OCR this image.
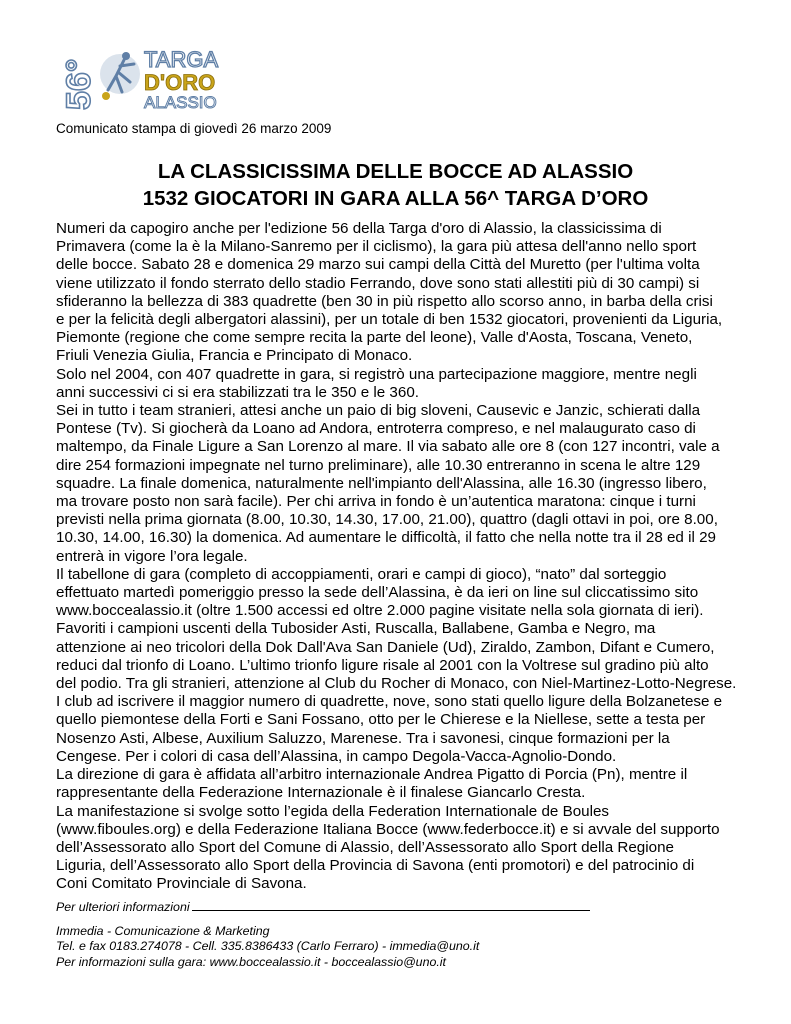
56° TARGA
D'ORO
ALASSIO
Comunicato stampa di giovedì 26 marzo 2009
LA CLASSICISSIMA DELLE BOCCE AD ALASSIO
1532 GIOCATORI IN GARA ALLA 56^ TARGA D’ORO
Numeri da capogiro anche per l'edizione 56 della Targa d'oro di Alassio, la classicissima di
Primavera (come la è la Milano-Sanremo per il ciclismo), la gara più attesa dell'anno nello sport
delle bocce. Sabato 28 e domenica 29 marzo sui campi della Città del Muretto (per l'ultima volta
viene utilizzato il fondo sterrato dello stadio Ferrando, dove sono stati allestiti più di 30 campi) si
sfideranno la bellezza di 383 quadrette (ben 30 in più rispetto allo scorso anno, in barba della crisi
e per la felicità degli albergatori alassini), per un totale di ben 1532 giocatori, provenienti da Liguria,
Piemonte (regione che come sempre recita la parte del leone), Valle d'Aosta, Toscana, Veneto,
Friuli Venezia Giulia, Francia e Principato di Monaco.
Solo nel 2004, con 407 quadrette in gara, si registrò una partecipazione maggiore, mentre negli
anni successivi ci si era stabilizzati tra le 350 e le 360.
Sei in tutto i team stranieri, attesi anche un paio di big sloveni, Causevic e Janzic, schierati dalla
Pontese (Tv). Si giocherà da Loano ad Andora, entroterra compreso, e nel malaugurato caso di
maltempo, da Finale Ligure a San Lorenzo al mare. Il via sabato alle ore 8 (con 127 incontri, vale a
dire 254 formazioni impegnate nel turno preliminare), alle 10.30 entreranno in scena le altre 129
squadre. La finale domenica, naturalmente nell'impianto dell'Alassina, alle 16.30 (ingresso libero,
ma trovare posto non sarà facile). Per chi arriva in fondo è un’autentica maratona: cinque i turni
previsti nella prima giornata (8.00, 10.30, 14.30, 17.00, 21.00), quattro (dagli ottavi in poi, ore 8.00,
10.30, 14.00, 16.30) la domenica. Ad aumentare le difficoltà, il fatto che nella notte tra il 28 ed il 29
entrerà in vigore l’ora legale.
Il tabellone di gara (completo di accoppiamenti, orari e campi di gioco), “nato” dal sorteggio
effettuato martedì pomeriggio presso la sede dell’Alassina, è da ieri on line sul cliccatissimo sito
www.boccealassio.it (oltre 1.500 accessi ed oltre 2.000 pagine visitate nella sola giornata di ieri).
Favoriti i campioni uscenti della Tubosider Asti, Ruscalla, Ballabene, Gamba e Negro, ma
attenzione ai neo tricolori della Dok Dall'Ava San Daniele (Ud), Ziraldo, Zambon, Difant e Cumero,
reduci dal trionfo di Loano. L’ultimo trionfo ligure risale al 2001 con la Voltrese sul gradino più alto
del podio. Tra gli stranieri, attenzione al Club du Rocher di Monaco, con Niel-Martinez-Lotto-Negrese.
I club ad iscrivere il maggior numero di quadrette, nove, sono stati quello ligure della Bolzanetese e
quello piemontese della Forti e Sani Fossano, otto per le Chierese e la Niellese, sette a testa per
Nosenzo Asti, Albese, Auxilium Saluzzo, Marenese. Tra i savonesi, cinque formazioni per la
Cengese. Per i colori di casa dell’Alassina, in campo Degola-Vacca-Agnolio-Dondo.
La direzione di gara è affidata all’arbitro internazionale Andrea Pigatto di Porcia (Pn), mentre il
rappresentante della Federazione Internazionale è il finalese Giancarlo Cresta.
La manifestazione si svolge sotto l’egida della Federation Internationale de Boules
(www.fiboules.org) e della Federazione Italiana Bocce (www.federbocce.it) e si avvale del supporto
dell’Assessorato allo Sport del Comune di Alassio, dell’Assessorato allo Sport della Regione
Liguria, dell’Assessorato allo Sport della Provincia di Savona (enti promotori) e del patrocinio di
Coni Comitato Provinciale di Savona.
Per ulteriori informazioni
Immedia - Comunicazione & Marketing
Tel. e fax 0183.274078 - Cell. 335.8386433 (Carlo Ferraro) - immedia@uno.it
Per informazioni sulla gara: www.boccealassio.it - boccealassio@uno.it
